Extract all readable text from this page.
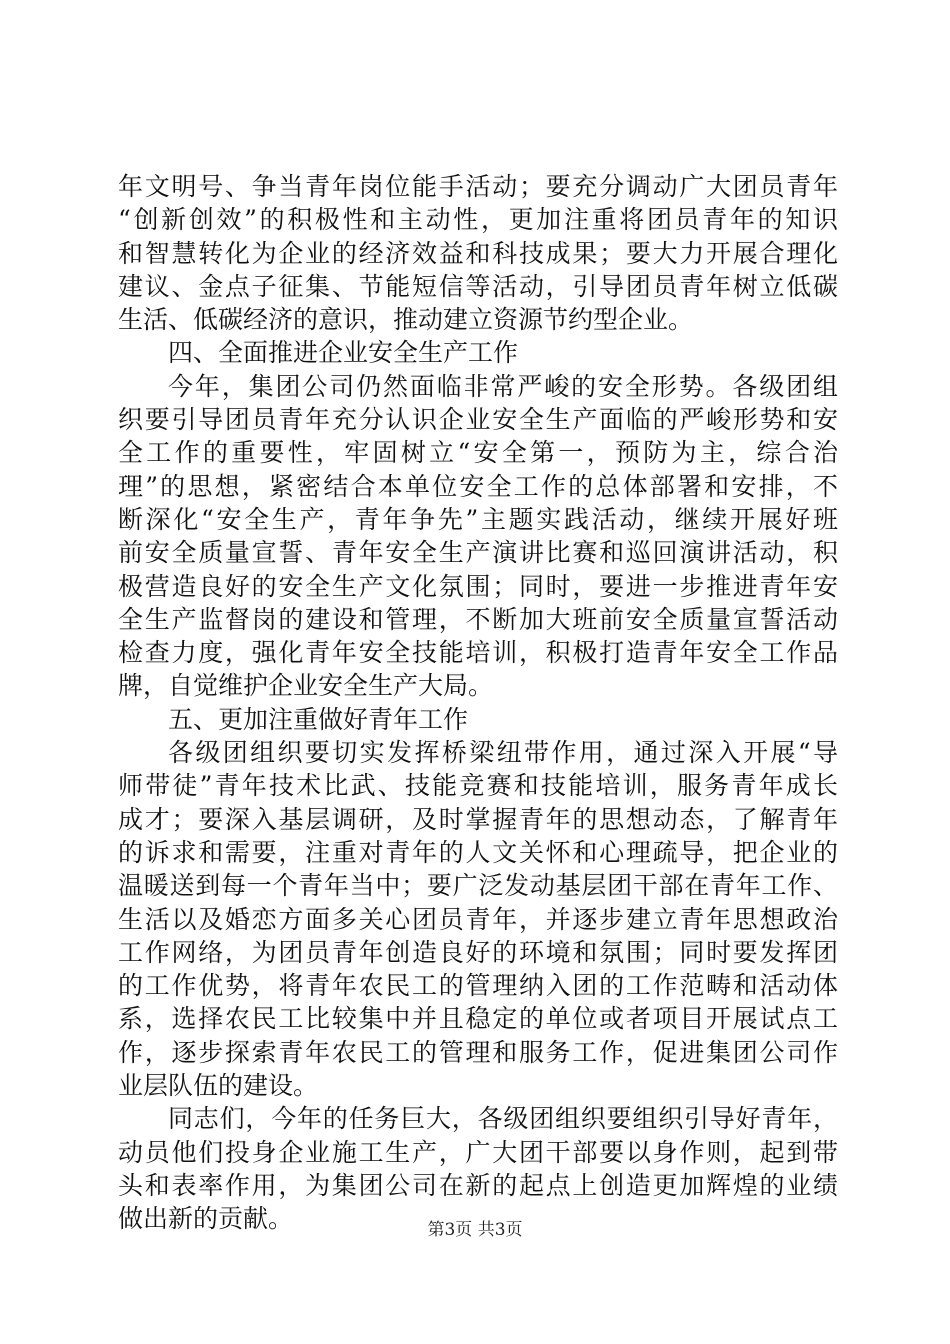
年文明号、争当青年岗位能手活动；要充分调动广大团员青年
“创新创效”的积极性和主动性，更加注重将团员青年的知识
和智慧转化为企业的经济效益和科技成果；要大力开展合理化
建议、金点子征集、节能短信等活动，引导团员青年树立低碳
生活、低碳经济的意识，推动建立资源节约型企业。
四、全面推进企业安全生产工作
今年，集团公司仍然面临非常严峻的安全形势。各级团组
织要引导团员青年充分认识企业安全生产面临的严峻形势和安
全工作的重要性，牢固树立“安全第一，预防为主，综合治
理”的思想，紧密结合本单位安全工作的总体部署和安排，不
断深化“安全生产，青年争先”主题实践活动，继续开展好班
前安全质量宣誓、青年安全生产演讲比赛和巡回演讲活动，积
极营造良好的安全生产文化氛围；同时，要进一步推进青年安
全生产监督岗的建设和管理，不断加大班前安全质量宣誓活动
检查力度，强化青年安全技能培训，积极打造青年安全工作品
牌，自觉维护企业安全生产大局。
五、更加注重做好青年工作
各级团组织要切实发挥桥梁纽带作用，通过深入开展“导
师带徒”青年技术比武、技能竞赛和技能培训，服务青年成长
成才；要深入基层调研，及时掌握青年的思想动态，了解青年
的诉求和需要，注重对青年的人文关怀和心理疏导，把企业的
温暖送到每一个青年当中；要广泛发动基层团干部在青年工作、
生活以及婚恋方面多关心团员青年，并逐步建立青年思想政治
工作网络，为团员青年创造良好的环境和氛围；同时要发挥团
的工作优势，将青年农民工的管理纳入团的工作范畴和活动体
系，选择农民工比较集中并且稳定的单位或者项目开展试点工
作，逐步探索青年农民工的管理和服务工作，促进集团公司作
业层队伍的建设。
同志们，今年的任务巨大，各级团组织要组织引导好青年，
动员他们投身企业施工生产，广大团干部要以身作则，起到带
头和表率作用，为集团公司在新的起点上创造更加辉煌的业绩
做出新的贡献。	第3页 共3页
